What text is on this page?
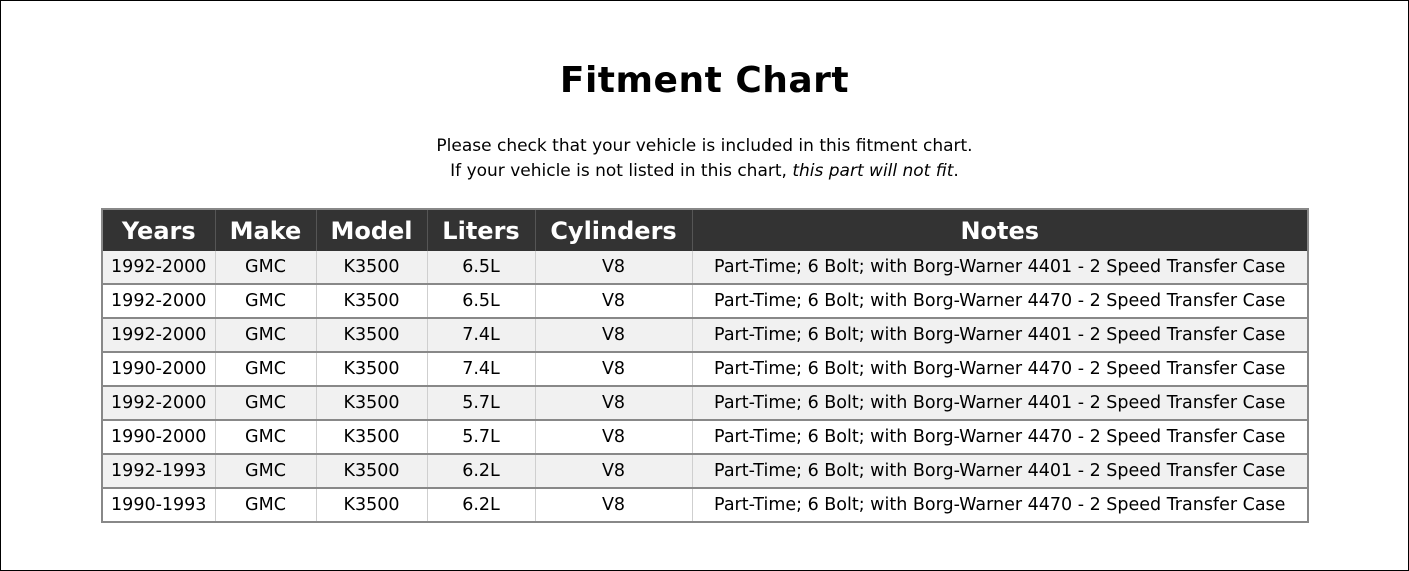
Fitment Chart
Please check that your vehicle is included in this fitment chart.
If your vehicle is not listed in this chart, this part will not fit.
Years	Make	Model	Liters	Cylinders	Notes
1992-2000	GMC	K3500	6.5L	V8	Part-Time; 6 Bolt; with Borg-Warner 4401 - 2 Speed Transfer Case
1992-2000	GMC	K3500	6.5L	V8	Part-Time; 6 Bolt; with Borg-Warner 4470 - 2 Speed Transfer Case
1992-2000	GMC	K3500	7.4L	V8	Part-Time; 6 Bolt; with Borg-Warner 4401 - 2 Speed Transfer Case
1990-2000	GMC	K3500	7.4L	V8	Part-Time; 6 Bolt; with Borg-Warner 4470 - 2 Speed Transfer Case
1992-2000	GMC	K3500	5.7L	V8	Part-Time; 6 Bolt; with Borg-Warner 4401 - 2 Speed Transfer Case
1990-2000	GMC	K3500	5.7L	V8	Part-Time; 6 Bolt; with Borg-Warner 4470 - 2 Speed Transfer Case
1992-1993	GMC	K3500	6.2L	V8	Part-Time; 6 Bolt; with Borg-Warner 4401 - 2 Speed Transfer Case
1990-1993	GMC	K3500	6.2L	V8	Part-Time; 6 Bolt; with Borg-Warner 4470 - 2 Speed Transfer Case
